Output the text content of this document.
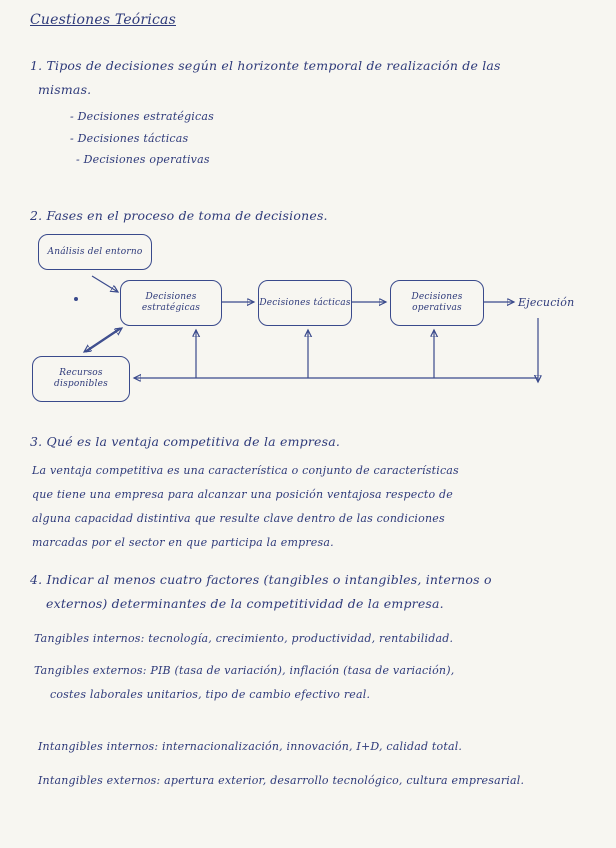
Cuestiones Teóricas
1. Tipos de decisiones según el horizonte temporal de realización de las
mismas.
- Decisiones estratégicas
- Decisiones tácticas
- Decisiones operativas
2. Fases en el proceso de toma de decisiones.
Análisis del entorno
Decisiones estratégicas
Decisiones tácticas
Decisiones operativas
Recursos disponibles
Ejecución
3. Qué es la ventaja competitiva de la empresa.
La ventaja competitiva es una característica o conjunto de características
que tiene una empresa para alcanzar una posición ventajosa respecto de
alguna capacidad distintiva que resulte clave dentro de las condiciones
marcadas por el sector en que participa la empresa.
4. Indicar al menos cuatro factores (tangibles o intangibles, internos o
externos) determinantes de la competitividad de la empresa.
Tangibles internos: tecnología, crecimiento, productividad, rentabilidad.
Tangibles externos: PIB (tasa de variación), inflación (tasa de variación),
costes laborales unitarios, tipo de cambio efectivo real.
Intangibles internos: internacionalización, innovación, I+D, calidad total.
Intangibles externos: apertura exterior, desarrollo tecnológico, cultura empresarial.
